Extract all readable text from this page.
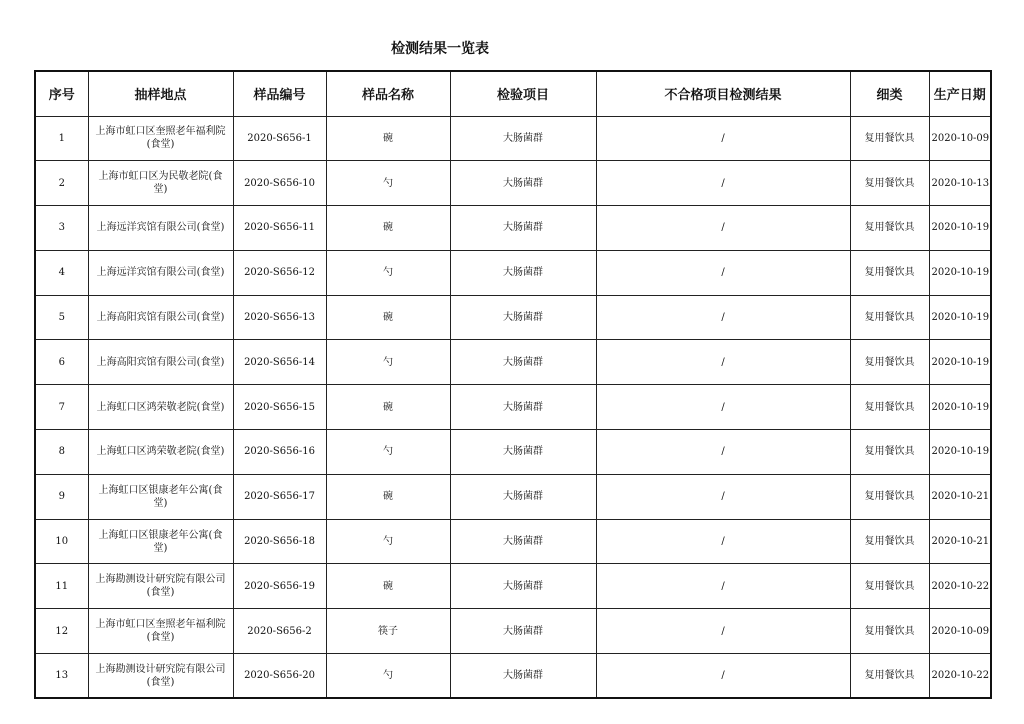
检测结果一览表
序号	抽样地点	样品编号	样品名称	检验项目	不合格项目检测结果	细类	生产日期
1	上海市虹口区奎照老年福利院(食堂)	2020-S656-1	碗	大肠菌群	/	复用餐饮具	2020-10-09
2	上海市虹口区为民敬老院(食堂)	2020-S656-10	勺	大肠菌群	/	复用餐饮具	2020-10-13
3	上海远洋宾馆有限公司(食堂)	2020-S656-11	碗	大肠菌群	/	复用餐饮具	2020-10-19
4	上海远洋宾馆有限公司(食堂)	2020-S656-12	勺	大肠菌群	/	复用餐饮具	2020-10-19
5	上海高阳宾馆有限公司(食堂)	2020-S656-13	碗	大肠菌群	/	复用餐饮具	2020-10-19
6	上海高阳宾馆有限公司(食堂)	2020-S656-14	勺	大肠菌群	/	复用餐饮具	2020-10-19
7	上海虹口区鸿荣敬老院(食堂)	2020-S656-15	碗	大肠菌群	/	复用餐饮具	2020-10-19
8	上海虹口区鸿荣敬老院(食堂)	2020-S656-16	勺	大肠菌群	/	复用餐饮具	2020-10-19
9	上海虹口区银康老年公寓(食堂)	2020-S656-17	碗	大肠菌群	/	复用餐饮具	2020-10-21
10	上海虹口区银康老年公寓(食堂)	2020-S656-18	勺	大肠菌群	/	复用餐饮具	2020-10-21
11	上海勘测设计研究院有限公司(食堂)	2020-S656-19	碗	大肠菌群	/	复用餐饮具	2020-10-22
12	上海市虹口区奎照老年福利院(食堂)	2020-S656-2	筷子	大肠菌群	/	复用餐饮具	2020-10-09
13	上海勘测设计研究院有限公司(食堂)	2020-S656-20	勺	大肠菌群	/	复用餐饮具	2020-10-22
